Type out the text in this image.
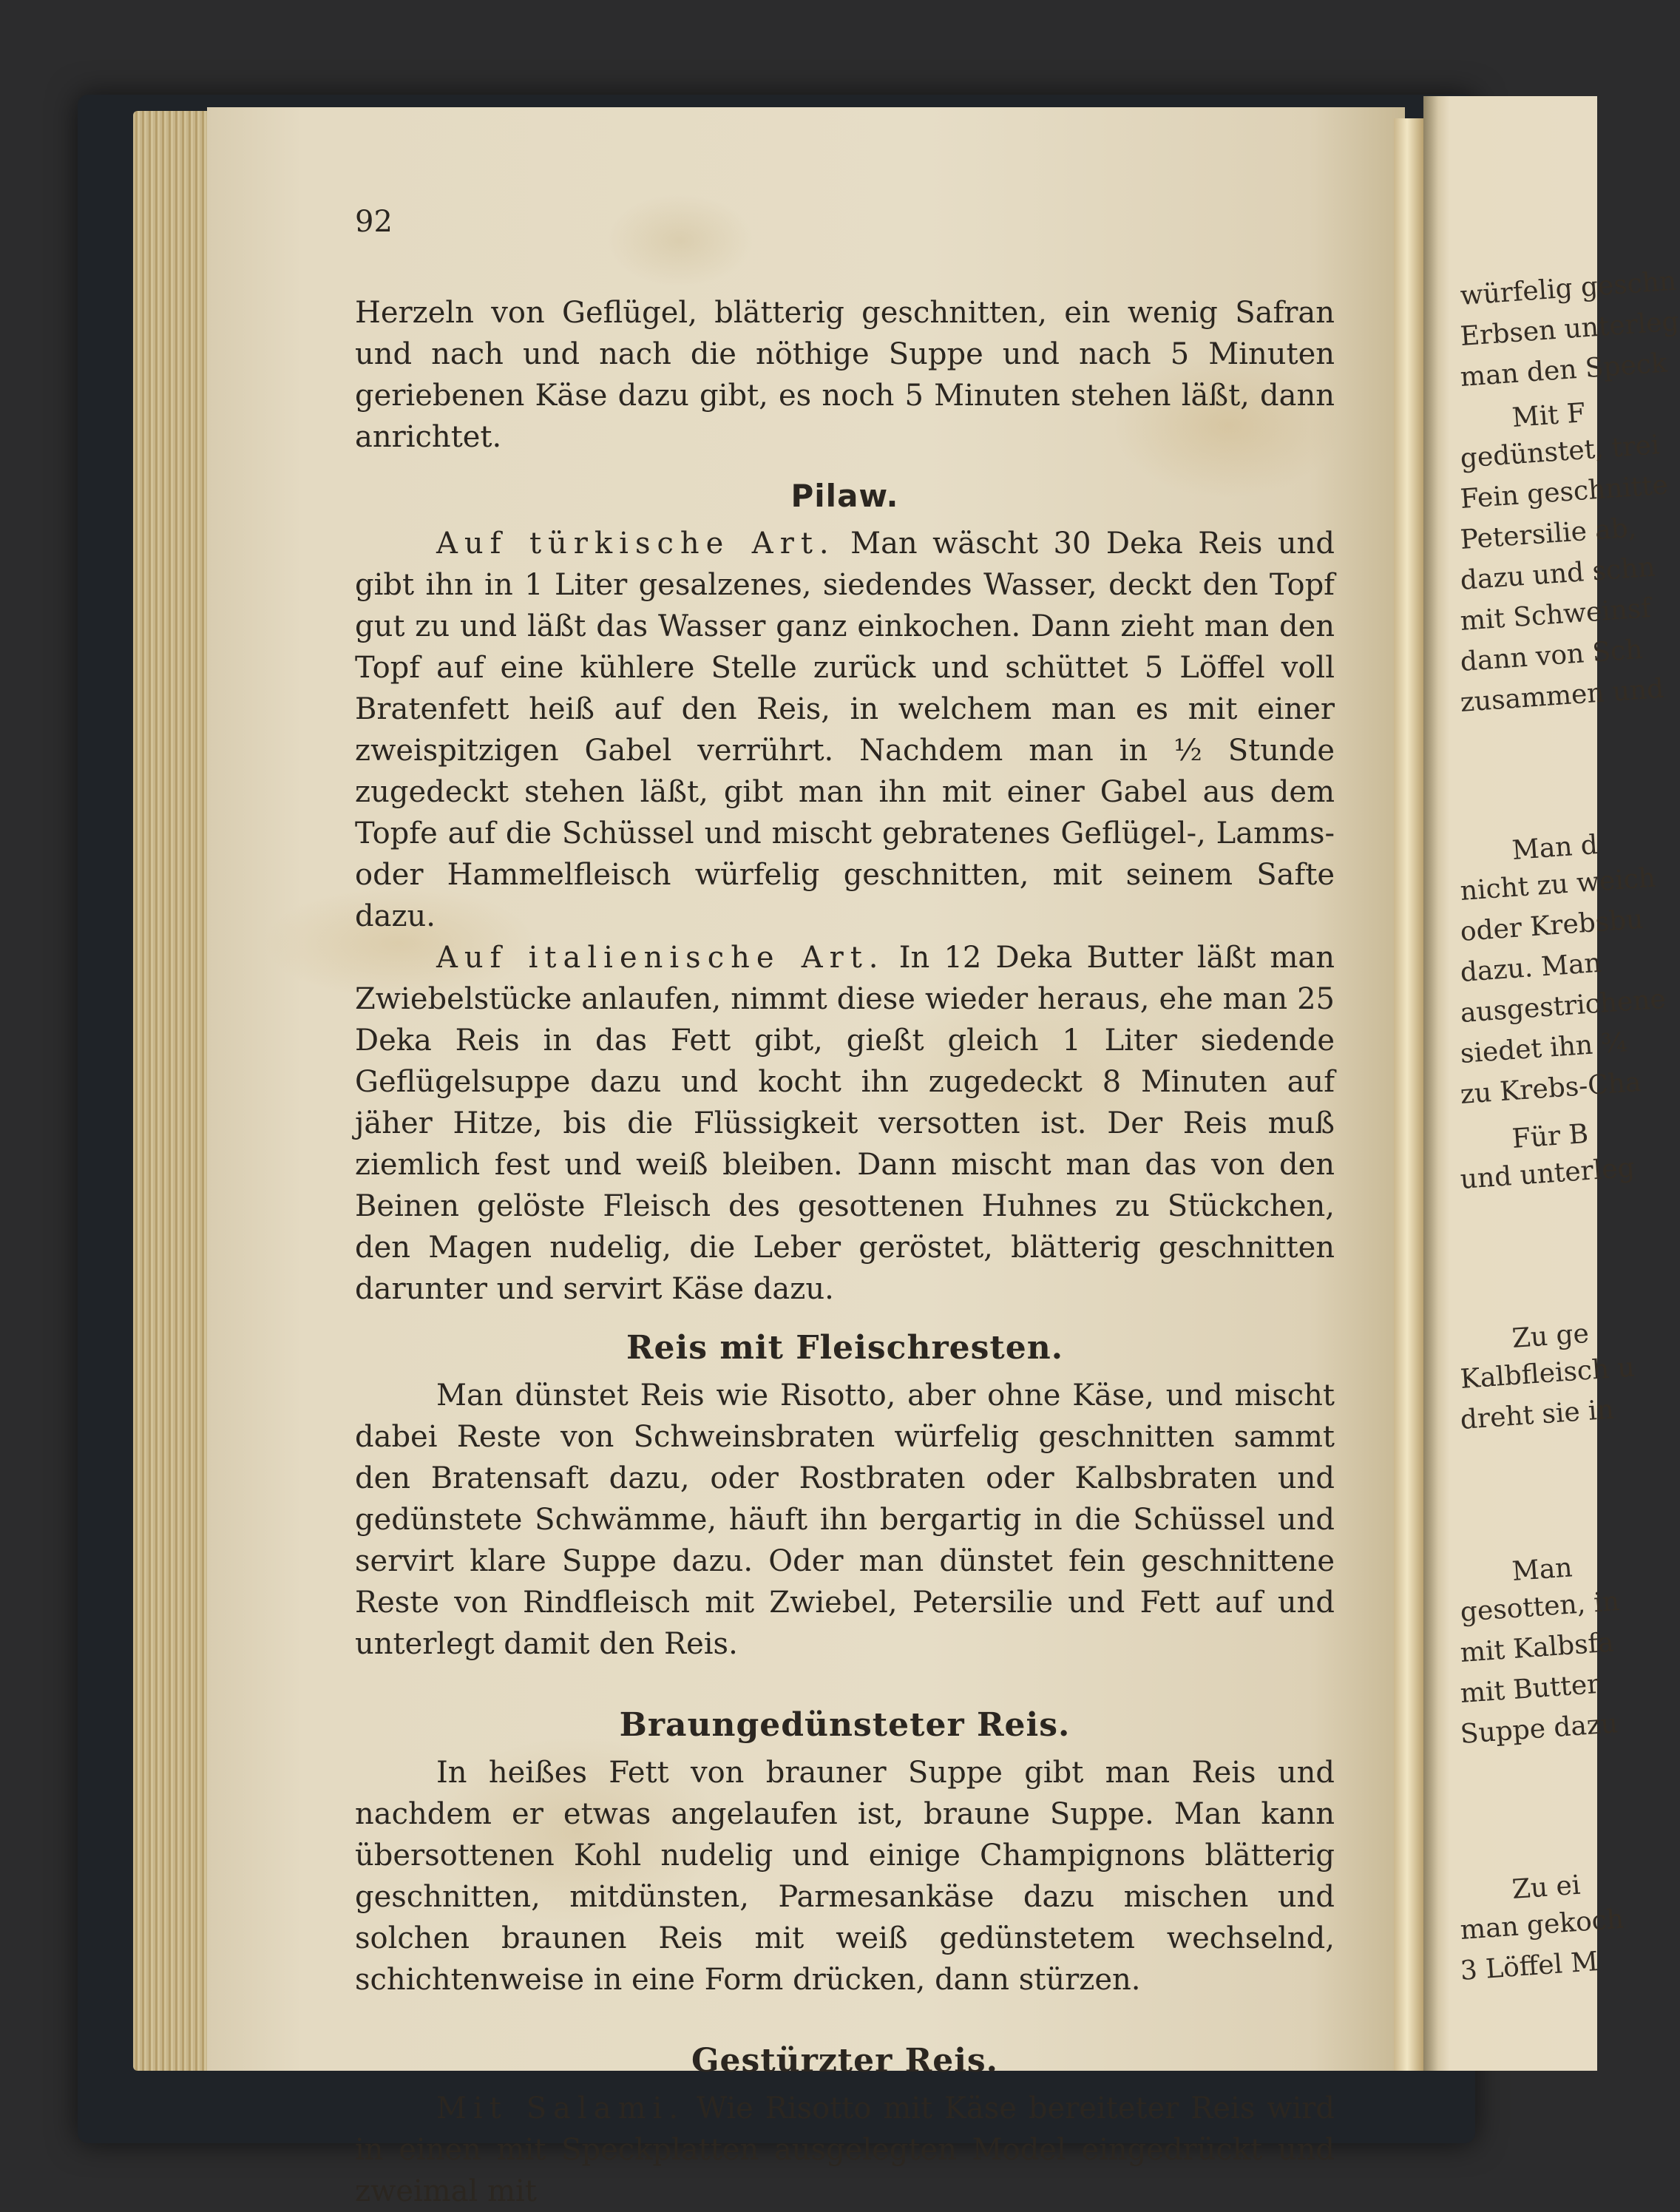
92

Herzeln von Geflügel, blätterig geschnitten, ein wenig Safran und nach und nach die nöthige Suppe und nach 5 Minuten geriebenen Käse dazu gibt, es noch 5 Minuten stehen läßt, dann anrichtet.

Pilaw.

Auf türkische Art. Man wäscht 30 Deka Reis und gibt ihn in 1 Liter gesalzenes, siedendes Wasser, deckt den Topf gut zu und läßt das Wasser ganz einkochen. Dann zieht man den Topf auf eine kühlere Stelle zurück und schüttet 5 Löffel voll Bratenfett heiß auf den Reis, in welchem man es mit einer zweispitzigen Gabel verrührt. Nachdem man in ½ Stunde zugedeckt stehen läßt, gibt man ihn mit einer Gabel aus dem Topfe auf die Schüssel und mischt gebratenes Geflügel-, Lamms- oder Hammelfleisch würfelig geschnitten, mit seinem Safte dazu.

Auf italienische Art. In 12 Deka Butter läßt man Zwiebelstücke anlaufen, nimmt diese wieder heraus, ehe man 25 Deka Reis in das Fett gibt, gießt gleich 1 Liter siedende Geflügelsuppe dazu und kocht ihn zugedeckt 8 Minuten auf jäher Hitze, bis die Flüssigkeit versotten ist. Der Reis muß ziemlich fest und weiß bleiben. Dann mischt man das von den Beinen gelöste Fleisch des gesottenen Huhnes zu Stückchen, den Magen nudelig, die Leber geröstet, blätterig geschnitten darunter und servirt Käse dazu.

Reis mit Fleischresten.

Man dünstet Reis wie Risotto, aber ohne Käse, und mischt dabei Reste von Schweinsbraten würfelig geschnitten sammt den Bratensaft dazu, oder Rostbraten oder Kalbsbraten und gedünstete Schwämme, häuft ihn bergartig in die Schüssel und servirt klare Suppe dazu. Oder man dünstet fein geschnittene Reste von Rindfleisch mit Zwiebel, Petersilie und Fett auf und unterlegt damit den Reis.

Braungedünsteter Reis.

In heißes Fett von brauner Suppe gibt man Reis und nachdem er etwas angelaufen ist, braune Suppe. Man kann übersottenen Kohl nudelig und einige Champignons blätterig geschnitten, mitdünsten, Parmesankäse dazu mischen und solchen braunen Reis mit weiß gedünstetem wechselnd, schichtenweise in eine Form drücken, dann stürzen.

Gestürzter Reis.

Mit Salami. Wie Risotto mit Käse bereiteter Reis wird in einen mit Speckplatten ausgelegten Model eingedrückt und zweimal mit

würfelig geschn
Erbsen unterleg
man den Speck
Mit F
gedünstet, trei
Fein geschnitte
Petersilie ab,
dazu und schn
mit Schweinsf
dann von Sch
zusammen und
Man d
nicht zu weich
oder Krebsbu
dazu. Man
ausgestrichene
siedet ihn ¾
zu Krebs-Cha
Für B
und unterleg
Zu ge
Kalbfleisch u
dreht sie in
Man
gesotten, in
mit Kalbsfa
mit Butter
Suppe dazu
Zu ei
man gekoch
3 Löffel M
